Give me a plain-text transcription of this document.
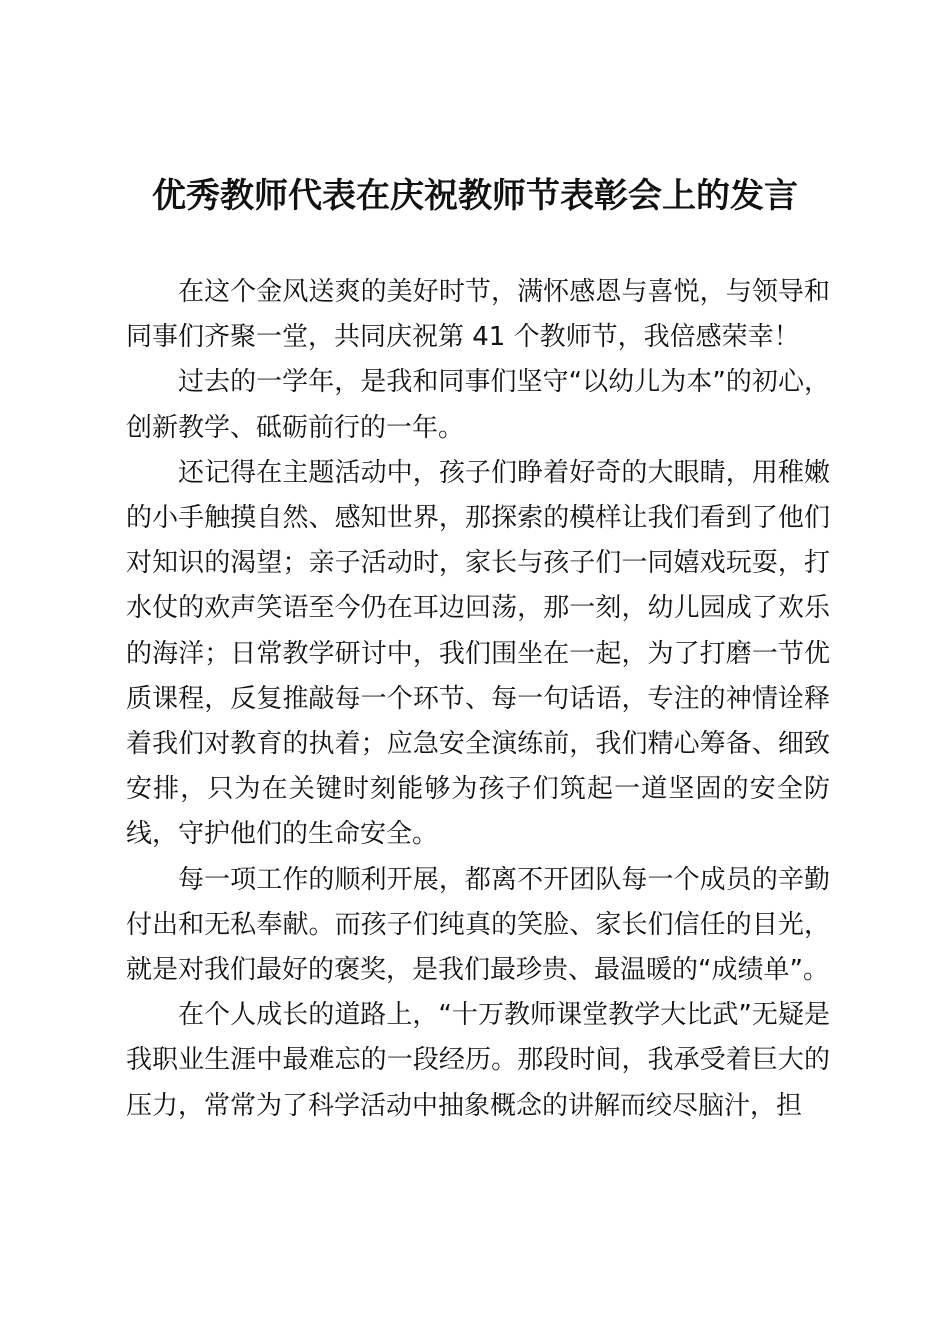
优秀教师代表在庆祝教师节表彰会上的发言

在这个金风送爽的美好时节，满怀感恩与喜悦，与领导和同事们齐聚一堂，共同庆祝第 41 个教师节，我倍感荣幸！

过去的一学年，是我和同事们坚守“以幼儿为本”的初心，创新教学、砥砺前行的一年。

还记得在主题活动中，孩子们睁着好奇的大眼睛，用稚嫩的小手触摸自然、感知世界，那探索的模样让我们看到了他们对知识的渴望；亲子活动时，家长与孩子们一同嬉戏玩耍，打水仗的欢声笑语至今仍在耳边回荡，那一刻，幼儿园成了欢乐的海洋；日常教学研讨中，我们围坐在一起，为了打磨一节优质课程，反复推敲每一个环节、每一句话语，专注的神情诠释着我们对教育的执着；应急安全演练前，我们精心筹备、细致安排，只为在关键时刻能够为孩子们筑起一道坚固的安全防线，守护他们的生命安全。

每一项工作的顺利开展，都离不开团队每一个成员的辛勤付出和无私奉献。而孩子们纯真的笑脸、家长们信任的目光，就是对我们最好的褒奖，是我们最珍贵、最温暖的“成绩单”。

在个人成长的道路上，“十万教师课堂教学大比武”无疑是我职业生涯中最难忘的一段经历。那段时间，我承受着巨大的压力，常常为了科学活动中抽象概念的讲解而绞尽脑汁，担
